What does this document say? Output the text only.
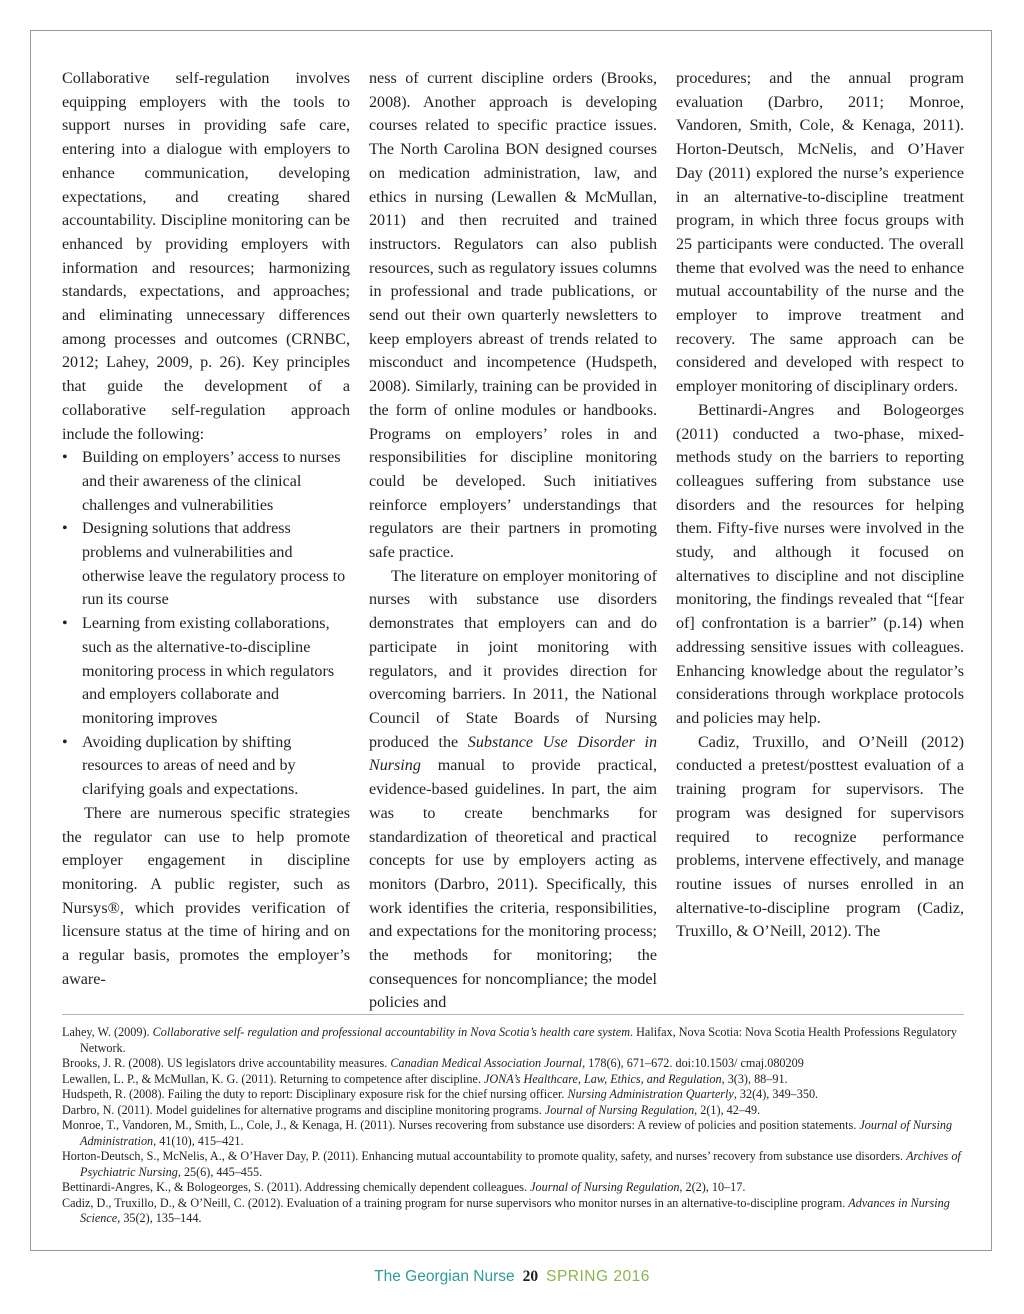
Collaborative self-regulation involves equipping employers with the tools to support nurses in providing safe care, entering into a dialogue with employers to enhance communication, developing expectations, and creating shared accountability. Discipline monitoring can be enhanced by providing employers with information and resources; harmonizing standards, expectations, and approaches; and eliminating unnecessary differences among processes and outcomes (CRNBC, 2012; Lahey, 2009, p. 26). Key principles that guide the development of a collaborative self-regulation approach include the following:

• Building on employers’ access to nurses and their awareness of the clinical challenges and vulnerabilities
• Designing solutions that address problems and vulnerabilities and otherwise leave the regulatory process to run its course
• Learning from existing collaborations, such as the alternative-to-discipline monitoring process in which regulators and employers collaborate and monitoring improves
• Avoiding duplication by shifting resources to areas of need and by clarifying goals and expectations.

There are numerous specific strategies the regulator can use to help promote employer engagement in discipline monitoring. A public register, such as Nursys®, which provides verification of licensure status at the time of hiring and on a regular basis, promotes the employer’s aware-

ness of current discipline orders (Brooks, 2008). Another approach is developing courses related to specific practice issues. The North Carolina BON designed courses on medication administration, law, and ethics in nursing (Lewallen & McMullan, 2011) and then recruited and trained instructors. Regulators can also publish resources, such as regulatory issues columns in professional and trade publications, or send out their own quarterly newsletters to keep employers abreast of trends related to misconduct and incompetence (Hudspeth, 2008). Similarly, training can be provided in the form of online modules or handbooks. Programs on employers’ roles in and responsibilities for discipline monitoring could be developed. Such initiatives reinforce employers’ understandings that regulators are their partners in promoting safe practice.

The literature on employer monitoring of nurses with substance use disorders demonstrates that employers can and do participate in joint monitoring with regulators, and it provides direction for overcoming barriers. In 2011, the National Council of State Boards of Nursing produced the Substance Use Disorder in Nursing manual to provide practical, evidence-based guidelines. In part, the aim was to create benchmarks for standardization of theoretical and practical concepts for use by employers acting as monitors (Darbro, 2011). Specifically, this work identifies the criteria, responsibilities, and expectations for the monitoring process; the methods for monitoring; the consequences for noncompliance; the model policies and

procedures; and the annual program evaluation (Darbro, 2011; Monroe, Vandoren, Smith, Cole, & Kenaga, 2011). Horton-Deutsch, McNelis, and O’Haver Day (2011) explored the nurse’s experience in an alternative-to-discipline treatment program, in which three focus groups with 25 participants were conducted. The overall theme that evolved was the need to enhance mutual accountability of the nurse and the employer to improve treatment and recovery. The same approach can be considered and developed with respect to employer monitoring of disciplinary orders.

Bettinardi-Angres and Bologeorges (2011) conducted a two-phase, mixed-methods study on the barriers to reporting colleagues suffering from substance use disorders and the resources for helping them. Fifty-five nurses were involved in the study, and although it focused on alternatives to discipline and not discipline monitoring, the findings revealed that “[fear of] confrontation is a barrier” (p.14) when addressing sensitive issues with colleagues. Enhancing knowledge about the regulator’s considerations through workplace protocols and policies may help.

Cadiz, Truxillo, and O’Neill (2012) conducted a pretest/posttest evaluation of a training program for supervisors. The program was designed for supervisors required to recognize performance problems, intervene effectively, and manage routine issues of nurses enrolled in an alternative-to-discipline program (Cadiz, Truxillo, & O’Neill, 2012). The

Lahey, W. (2009). Collaborative self- regulation and professional accountability in Nova Scotia’s health care system. Halifax, Nova Scotia: Nova Scotia Health Professions Regulatory Network.

Brooks, J. R. (2008). US legislators drive accountability measures. Canadian Medical Association Journal, 178(6), 671–672. doi:10.1503/ cmaj.080209

Lewallen, L. P., & McMullan, K. G. (2011). Returning to competence after discipline. JONA’s Healthcare, Law, Ethics, and Regulation, 3(3), 88–91.

Hudspeth, R. (2008). Failing the duty to report: Disciplinary exposure risk for the chief nursing officer. Nursing Administration Quarterly, 32(4), 349–350.

Darbro, N. (2011). Model guidelines for alternative programs and discipline monitoring programs. Journal of Nursing Regulation, 2(1), 42–49.

Monroe, T., Vandoren, M., Smith, L., Cole, J., & Kenaga, H. (2011). Nurses recovering from substance use disorders: A review of policies and position statements. Journal of Nursing Administration, 41(10), 415–421.

Horton-Deutsch, S., McNelis, A., & O’Haver Day, P. (2011). Enhancing mutual accountability to promote quality, safety, and nurses’ recovery from substance use disorders. Archives of Psychiatric Nursing, 25(6), 445–455.

Bettinardi-Angres, K., & Bologeorges, S. (2011). Addressing chemically dependent colleagues. Journal of Nursing Regulation, 2(2), 10–17.

Cadiz, D., Truxillo, D., & O’Neill, C. (2012). Evaluation of a training program for nurse supervisors who monitor nurses in an alternative-to-discipline program. Advances in Nursing Science, 35(2), 135–144.

The Georgian Nurse 20 SPRING 2016
